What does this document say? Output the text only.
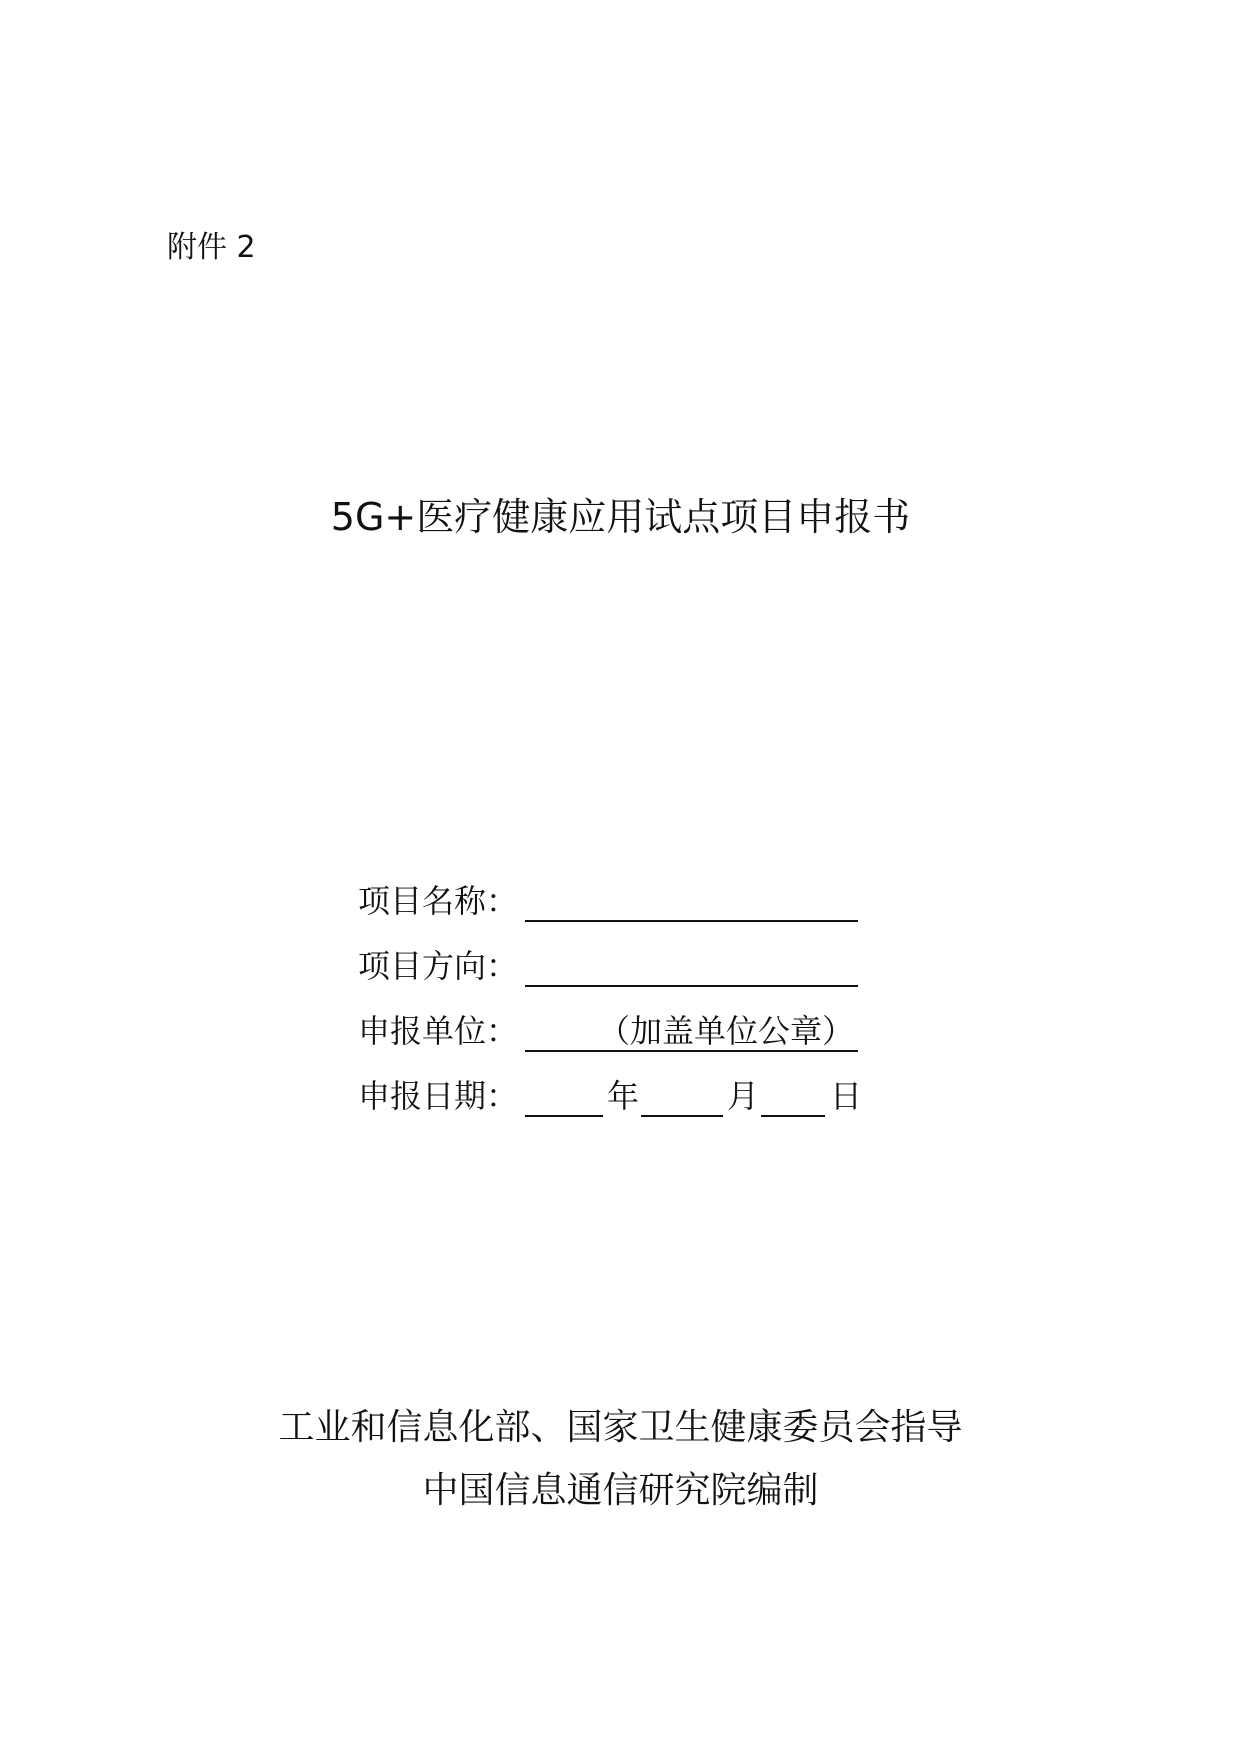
附件 2
5G+医疗健康应用试点项目申报书
项目名称：
项目方向：
申报单位：	（加盖单位公章）
申报日期：	年	月 日
工业和信息化部、国家卫生健康委员会指导
中国信息通信研究院编制
